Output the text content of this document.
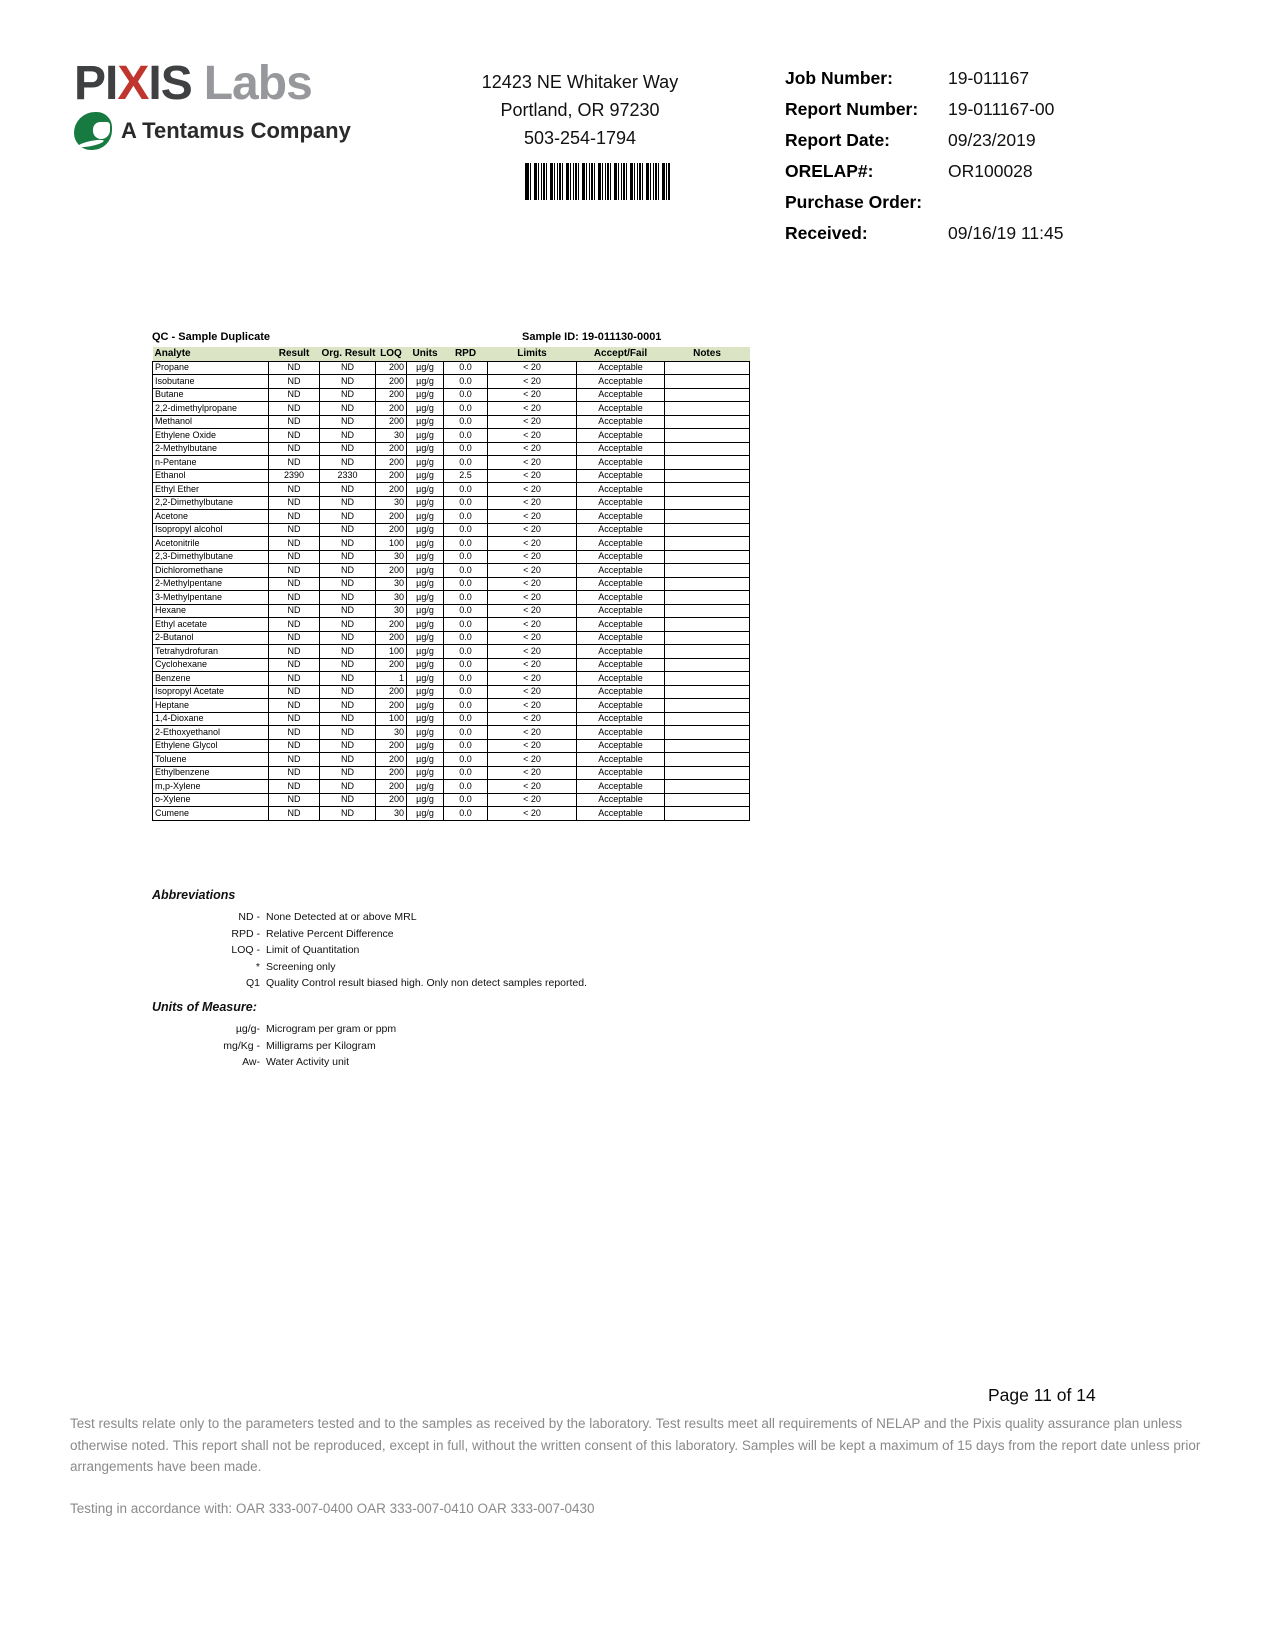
PIXIS Labs
A Tentamus Company
12423 NE Whitaker Way
Portland, OR 97230
503-254-1794
Job Number:	19-011167
Report Number:	19-011167-00
Report Date:	09/23/2019
ORELAP#:	OR100028
Purchase Order:
Received:	09/16/19 11:45
QC - Sample Duplicate	Sample ID: 19-011130-0001
Analyte	Result	Org. Result	LOQ	Units	RPD	Limits	Accept/Fail	Notes
Propane	ND	ND	200	µg/g	0.0	< 20	Acceptable	
Isobutane	ND	ND	200	µg/g	0.0	< 20	Acceptable	
Butane	ND	ND	200	µg/g	0.0	< 20	Acceptable	
2,2-dimethylpropane	ND	ND	200	µg/g	0.0	< 20	Acceptable	
Methanol	ND	ND	200	µg/g	0.0	< 20	Acceptable	
Ethylene Oxide	ND	ND	30	µg/g	0.0	< 20	Acceptable	
2-Methylbutane	ND	ND	200	µg/g	0.0	< 20	Acceptable	
n-Pentane	ND	ND	200	µg/g	0.0	< 20	Acceptable	
Ethanol	2390	2330	200	µg/g	2.5	< 20	Acceptable	
Ethyl Ether	ND	ND	200	µg/g	0.0	< 20	Acceptable	
2,2-Dimethylbutane	ND	ND	30	µg/g	0.0	< 20	Acceptable	
Acetone	ND	ND	200	µg/g	0.0	< 20	Acceptable	
Isopropyl alcohol	ND	ND	200	µg/g	0.0	< 20	Acceptable	
Acetonitrile	ND	ND	100	µg/g	0.0	< 20	Acceptable	
2,3-Dimethylbutane	ND	ND	30	µg/g	0.0	< 20	Acceptable	
Dichloromethane	ND	ND	200	µg/g	0.0	< 20	Acceptable	
2-Methylpentane	ND	ND	30	µg/g	0.0	< 20	Acceptable	
3-Methylpentane	ND	ND	30	µg/g	0.0	< 20	Acceptable	
Hexane	ND	ND	30	µg/g	0.0	< 20	Acceptable	
Ethyl acetate	ND	ND	200	µg/g	0.0	< 20	Acceptable	
2-Butanol	ND	ND	200	µg/g	0.0	< 20	Acceptable	
Tetrahydrofuran	ND	ND	100	µg/g	0.0	< 20	Acceptable	
Cyclohexane	ND	ND	200	µg/g	0.0	< 20	Acceptable	
Benzene	ND	ND	1	µg/g	0.0	< 20	Acceptable	
Isopropyl Acetate	ND	ND	200	µg/g	0.0	< 20	Acceptable	
Heptane	ND	ND	200	µg/g	0.0	< 20	Acceptable	
1,4-Dioxane	ND	ND	100	µg/g	0.0	< 20	Acceptable	
2-Ethoxyethanol	ND	ND	30	µg/g	0.0	< 20	Acceptable	
Ethylene Glycol	ND	ND	200	µg/g	0.0	< 20	Acceptable	
Toluene	ND	ND	200	µg/g	0.0	< 20	Acceptable	
Ethylbenzene	ND	ND	200	µg/g	0.0	< 20	Acceptable	
m,p-Xylene	ND	ND	200	µg/g	0.0	< 20	Acceptable	
o-Xylene	ND	ND	200	µg/g	0.0	< 20	Acceptable	
Cumene	ND	ND	30	µg/g	0.0	< 20	Acceptable	
Abbreviations
ND - None Detected at or above MRL
RPD - Relative Percent Difference
LOQ - Limit of Quantitation
* Screening only
Q1 Quality Control result biased high. Only non detect samples reported.
Units of Measure:
µg/g- Microgram per gram or ppm
mg/Kg - Milligrams per Kilogram
Aw- Water Activity unit
Page 11 of 14
Test results relate only to the parameters tested and to the samples as received by the laboratory. Test results meet all requirements of NELAP and the Pixis quality assurance plan unless
otherwise noted. This report shall not be reproduced, except in full, without the written consent of this laboratory. Samples will be kept a maximum of 15 days from the report date unless prior
arrangements have been made.
Testing in accordance with: OAR 333-007-0400 OAR 333-007-0410 OAR 333-007-0430
